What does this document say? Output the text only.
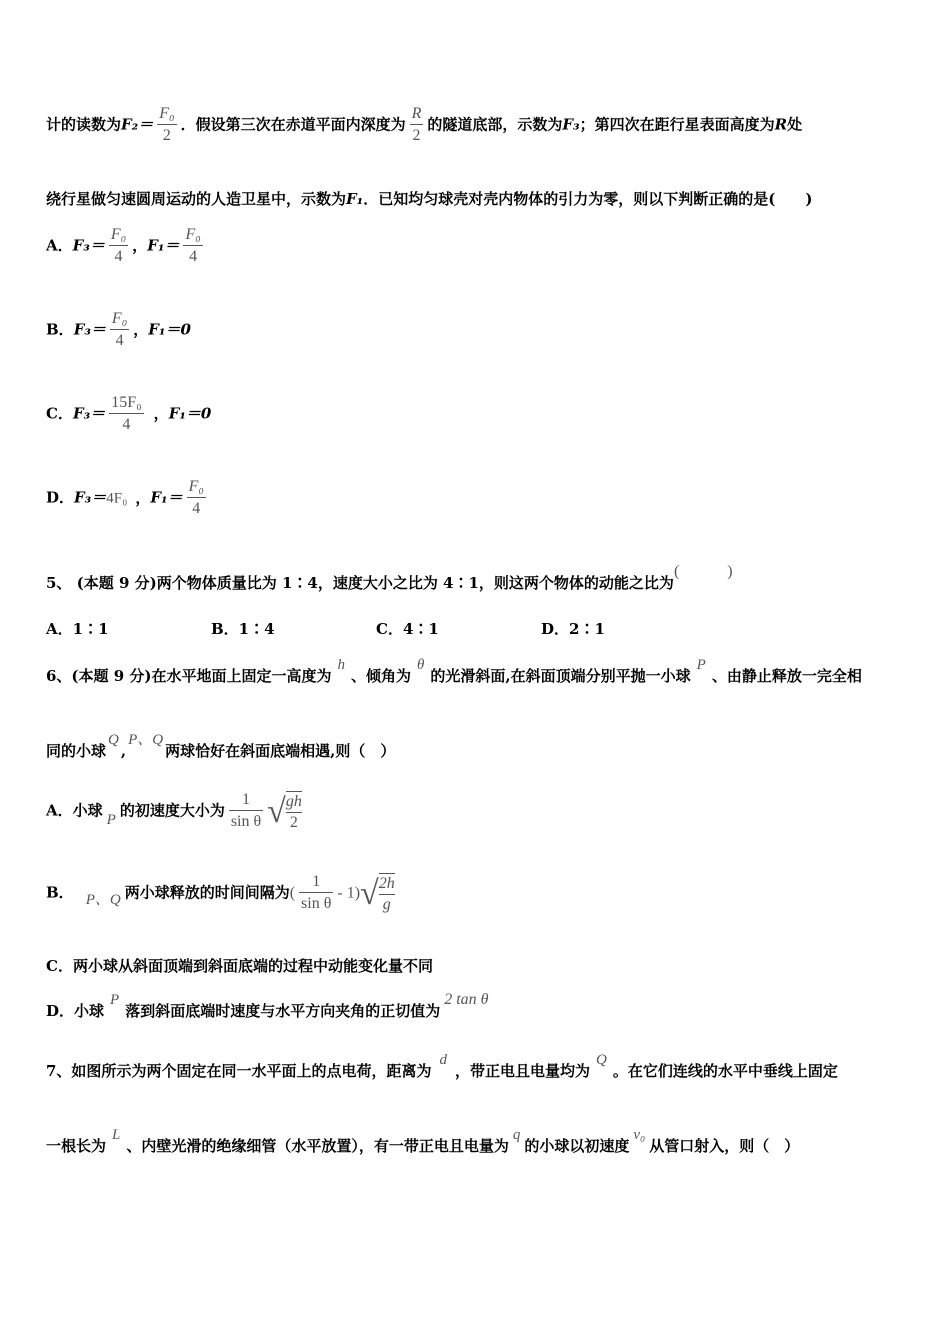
计的读数为$F_2= \frac{\text{F₀}}{2}$ ．假设第三次在赤道平面内深度为 $\frac{R}{2}$ 的隧道底部，示数为F₃；第四次在距行星表面高度为R处
绕行星做匀速圆周运动的人造卫星中，示数为F₁．已知均匀球壳对壳内物体的引力为零，则以下判断正确的是(　　)
A．$F_3= \frac{\text{F₀}}{4}$ ，$F_1= \frac{\text{F₀}}{4}$
B．$F_3= \frac{\text{F₀}}{4}$ ，F₁＝0
C．$F_3= \frac{\text{15F₀}}{4}$ ，F₁＝0
D．F₃＝4F₀ ，$F_1= \frac{\text{F₀}}{4}$
5、 (本题 9 分)两个物体质量比为 1∶4，速度大小之比为 4∶1，则这两个物体的动能之比为(　　　)
A．1∶1	B．1∶4	C．4∶1	D．2∶1
6、(本题 9 分)在水平地面上固定一高度为h、倾角为θ的光滑斜面,在斜面顶端分别平抛一小球P、由静止释放一完全相
同的小球Q,P、Q两球恰好在斜面底端相遇,则（　）
A．小球 P 的初速度大小为 $\frac{1}{\text{sin θ}}$ √ $\frac{gh}{2}$
B． P、Q 两小球释放的时间间隔为( $\frac{1}{\text{sin θ}} - 1)√ \frac{2h}{g}$
C．两小球从斜面顶端到斜面底端的过程中动能变化量不同
D．小球P落到斜面底端时速度与水平方向夹角的正切值为2 tan θ
7、如图所示为两个固定在同一水平面上的点电荷，距离为d，带正电且电量均为Q。在它们连线的水平中垂线上固定
一根长为L、内壁光滑的绝缘细管（水平放置），有一带正电且电量为q的小球以初速度v₀从管口射入，则（　）
